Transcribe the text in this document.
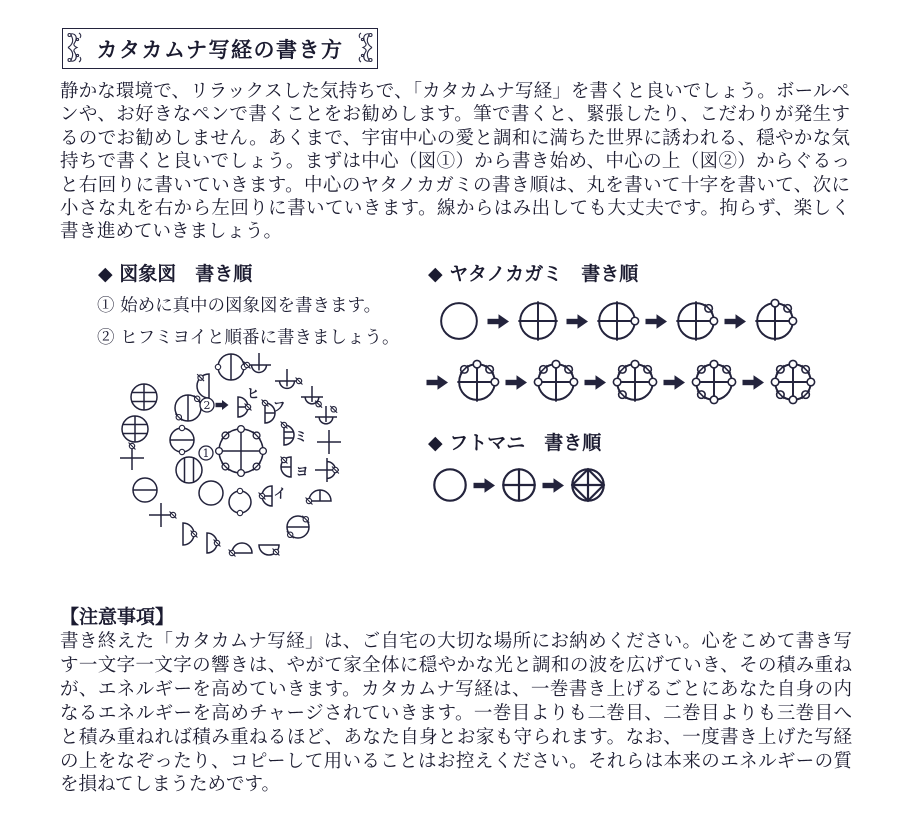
カタカムナ写経の書き方

静かな環境で、リラックスした気持ちで、「カタカムナ写経」を書くと良いでしょう。ボールペンや、お好きなペンで書くことをお勧めします。筆で書くと、緊張したり、こだわりが発生するのでお勧めしません。あくまで、宇宙中心の愛と調和に満ちた世界に誘われる、穏やかな気持ちで書くと良いでしょう。まずは中心（図①）から書き始め、中心の上（図②）からぐるっと右回りに書いていきます。中心のヤタノカガミの書き順は、丸を書いて十字を書いて、次に小さな丸を右から左回りに書いていきます。線からはみ出しても大丈夫です。拘らず、楽しく書き進めていきましょう。

◆ 図象図　書き順

① 始めに真中の図象図を書きます。

② ヒフミヨイと順番に書きましょう。

1
2
ヒ
フ
ミ
ヨ
イ
◆ ヤタノカガミ　書き順
◆ フトマニ　書き順
【注意事項】

書き終えた「カタカムナ写経」は、ご自宅の大切な場所にお納めください。心をこめて書き写す一文字一文字の響きは、やがて家全体に穏やかな光と調和の波を広げていき、その積み重ねが、エネルギーを高めていきます。カタカムナ写経は、一巻書き上げるごとにあなた自身の内なるエネルギーを高めチャージされていきます。一巻目よりも二巻目、二巻目よりも三巻目へと積み重ねれば積み重ねるほど、あなた自身とお家も守られます。なお、一度書き上げた写経の上をなぞったり、コピーして用いることはお控えください。それらは本来のエネルギーの質を損ねてしまうためです。
